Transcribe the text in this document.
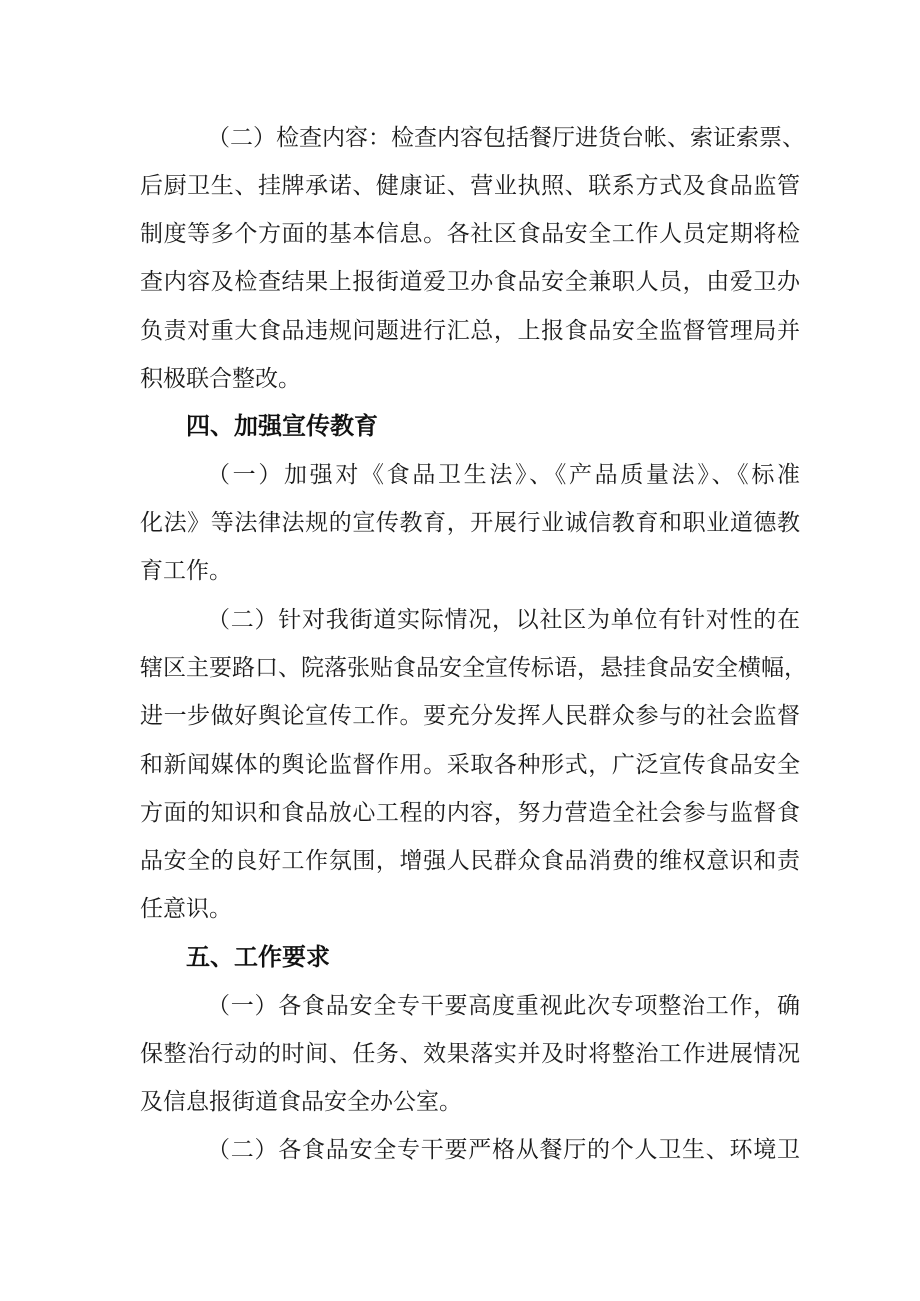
（二）检查内容：检查内容包括餐厅进货台帐、索证索票、
后厨卫生、挂牌承诺、健康证、营业执照、联系方式及食品监管
制度等多个方面的基本信息。各社区食品安全工作人员定期将检
查内容及检查结果上报街道爱卫办食品安全兼职人员，由爱卫办
负责对重大食品违规问题进行汇总，上报食品安全监督管理局并
积极联合整改。
四、加强宣传教育
（一）加强对《食品卫生法》、《产品质量法》、《标准
化法》等法律法规的宣传教育，开展行业诚信教育和职业道德教
育工作。
（二）针对我街道实际情况，以社区为单位有针对性的在
辖区主要路口、院落张贴食品安全宣传标语，悬挂食品安全横幅，
进一步做好舆论宣传工作。要充分发挥人民群众参与的社会监督
和新闻媒体的舆论监督作用。采取各种形式，广泛宣传食品安全
方面的知识和食品放心工程的内容，努力营造全社会参与监督食
品安全的良好工作氛围，增强人民群众食品消费的维权意识和责
任意识。
五、工作要求
（一）各食品安全专干要高度重视此次专项整治工作，确
保整治行动的时间、任务、效果落实并及时将整治工作进展情况
及信息报街道食品安全办公室。
（二）各食品安全专干要严格从餐厅的个人卫生、环境卫
